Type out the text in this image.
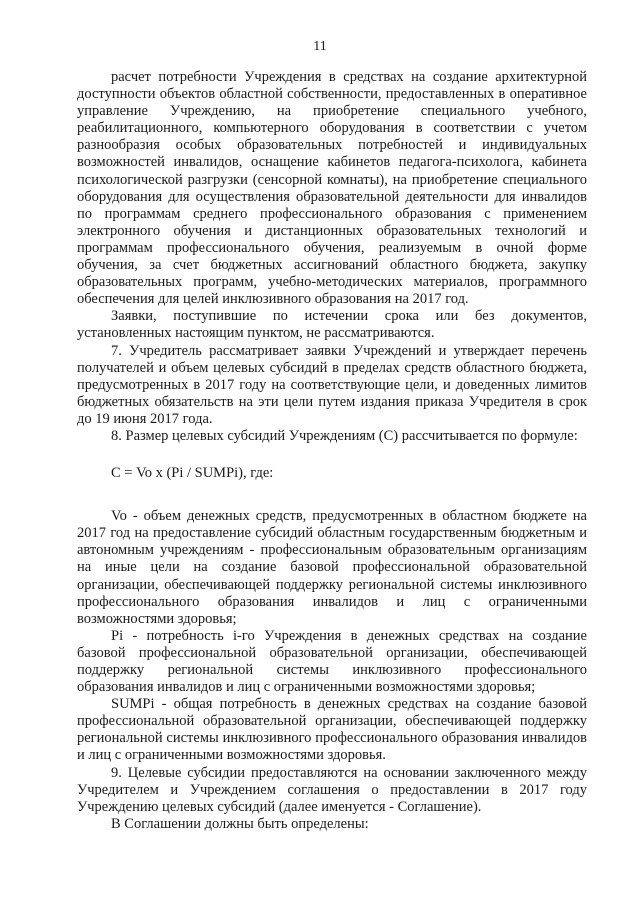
11

расчет потребности Учреждения в средствах на создание архитектурной доступности объектов областной собственности, предоставленных в оперативное управление Учреждению, на приобретение специального учебного, реабилитационного, компьютерного оборудования в соответствии с учетом разнообразия особых образовательных потребностей и индивидуальных возможностей инвалидов, оснащение кабинетов педагога-психолога, кабинета психологической разгрузки (сенсорной комнаты), на приобретение специального оборудования для осуществления образовательной деятельности для инвалидов по программам среднего профессионального образования с применением электронного обучения и дистанционных образовательных технологий и программам профессионального обучения, реализуемым в очной форме обучения, за счет бюджетных ассигнований областного бюджета, закупку образовательных программ, учебно-методических материалов, программного обеспечения для целей инклюзивного образования на 2017 год.

Заявки, поступившие по истечении срока или без документов, установленных настоящим пунктом, не рассматриваются.

7. Учредитель рассматривает заявки Учреждений и утверждает перечень получателей и объем целевых субсидий в пределах средств областного бюджета, предусмотренных в 2017 году на соответствующие цели, и доведенных лимитов бюджетных обязательств на эти цели путем издания приказа Учредителя в срок до 19 июня 2017 года.

8. Размер целевых субсидий Учреждениям (С) рассчитывается по формуле:

С = Vo x (Pi / SUMPi), где:

Vo - объем денежных средств, предусмотренных в областном бюджете на 2017 год на предоставление субсидий областным государственным бюджетным и автономным учреждениям - профессиональным образовательным организациям на иные цели на создание базовой профессиональной образовательной организации, обеспечивающей поддержку региональной системы инклюзивного профессионального образования инвалидов и лиц с ограниченными возможностями здоровья;

Pi - потребность i-го Учреждения в денежных средствах на создание базовой профессиональной образовательной организации, обеспечивающей поддержку региональной системы инклюзивного профессионального образования инвалидов и лиц с ограниченными возможностями здоровья;

SUMPi - общая потребность в денежных средствах на создание базовой профессиональной образовательной организации, обеспечивающей поддержку региональной системы инклюзивного профессионального образования инвалидов и лиц с ограниченными возможностями здоровья.

9. Целевые субсидии предоставляются на основании заключенного между Учредителем и Учреждением соглашения о предоставлении в 2017 году Учреждению целевых субсидий (далее именуется - Соглашение).

В Соглашении должны быть определены:
